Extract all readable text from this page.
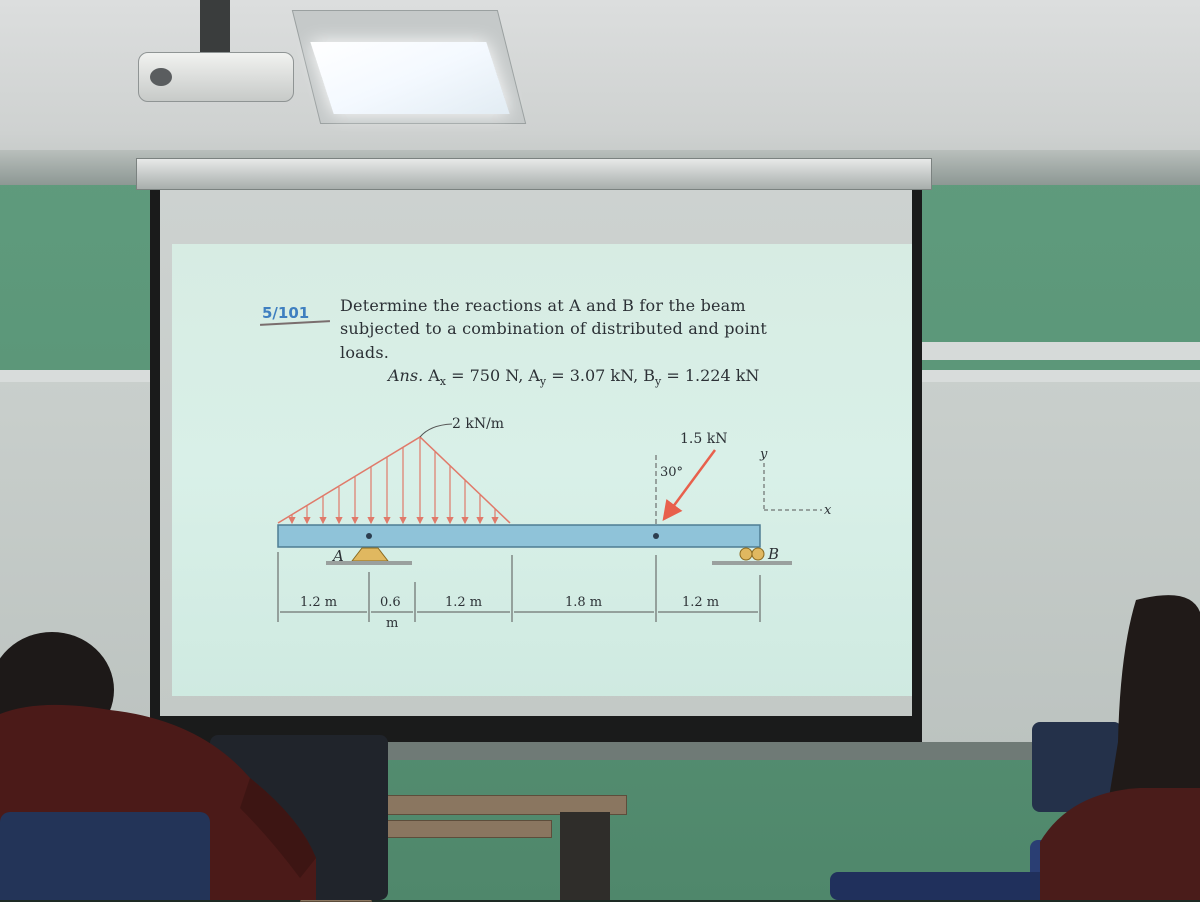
5/101 Determine the reactions at A and B for the beam
subjected to a combination of distributed and point
loads.
Ans. $A_x = 750$ N, $A_y = 3.07$ kN, $B_y = 1.224$ kN
2 kN/m
A	B
1.5 kN
30°
y
x
1.2 m	0.6
m
1.2 m	1.8 m	1.2 m
